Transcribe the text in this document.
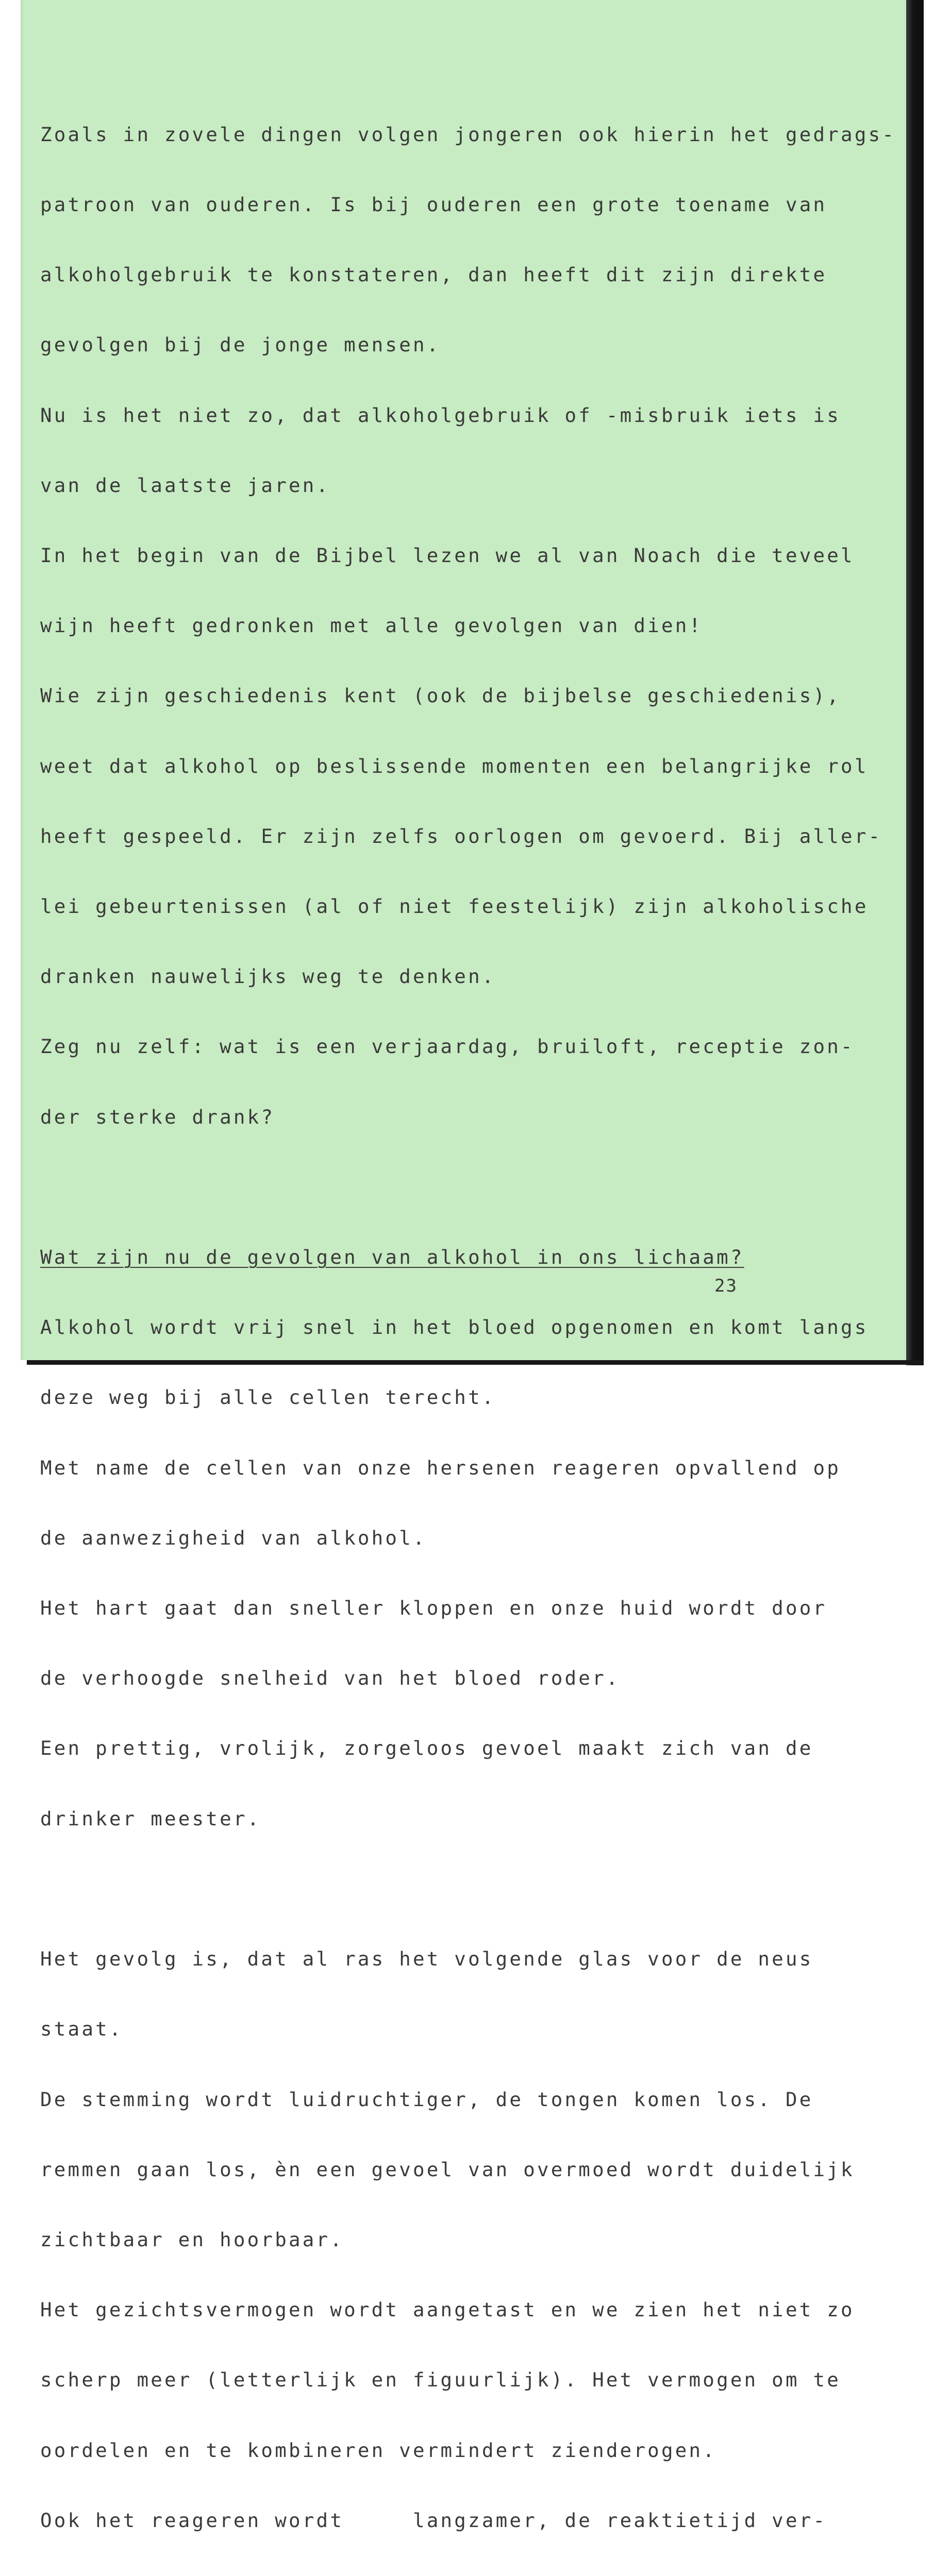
Zoals in zovele dingen volgen jongeren ook hierin het gedrags-

patroon van ouderen. Is bij ouderen een grote toename van

alkoholgebruik te konstateren, dan heeft dit zijn direkte

gevolgen bij de jonge mensen.

Nu is het niet zo, dat alkoholgebruik of -misbruik iets is

van de laatste jaren.

In het begin van de Bijbel lezen we al van Noach die teveel

wijn heeft gedronken met alle gevolgen van dien!

Wie zijn geschiedenis kent (ook de bijbelse geschiedenis),

weet dat alkohol op beslissende momenten een belangrijke rol

heeft gespeeld. Er zijn zelfs oorlogen om gevoerd. Bij aller-

lei gebeurtenissen (al of niet feestelijk) zijn alkoholische

dranken nauwelijks weg te denken.

Zeg nu zelf: wat is een verjaardag, bruiloft, receptie zon-

der sterke drank?

Wat zijn nu de gevolgen van alkohol in ons lichaam?

Alkohol wordt vrij snel in het bloed opgenomen en komt langs

deze weg bij alle cellen terecht.

Met name de cellen van onze hersenen reageren opvallend op

de aanwezigheid van alkohol.

Het hart gaat dan sneller kloppen en onze huid wordt door

de verhoogde snelheid van het bloed roder.

Een prettig, vrolijk, zorgeloos gevoel maakt zich van de

drinker meester.

Het gevolg is, dat al ras het volgende glas voor de neus

staat.

De stemming wordt luidruchtiger, de tongen komen los. De

remmen gaan los, èn een gevoel van overmoed wordt duidelijk

zichtbaar en hoorbaar.

Het gezichtsvermogen wordt aangetast en we zien het niet zo

scherp meer (letterlijk en figuurlijk). Het vermogen om te

oordelen en te kombineren vermindert zienderogen.

Ook het reageren wordt     langzamer, de reaktietijd ver-

23
